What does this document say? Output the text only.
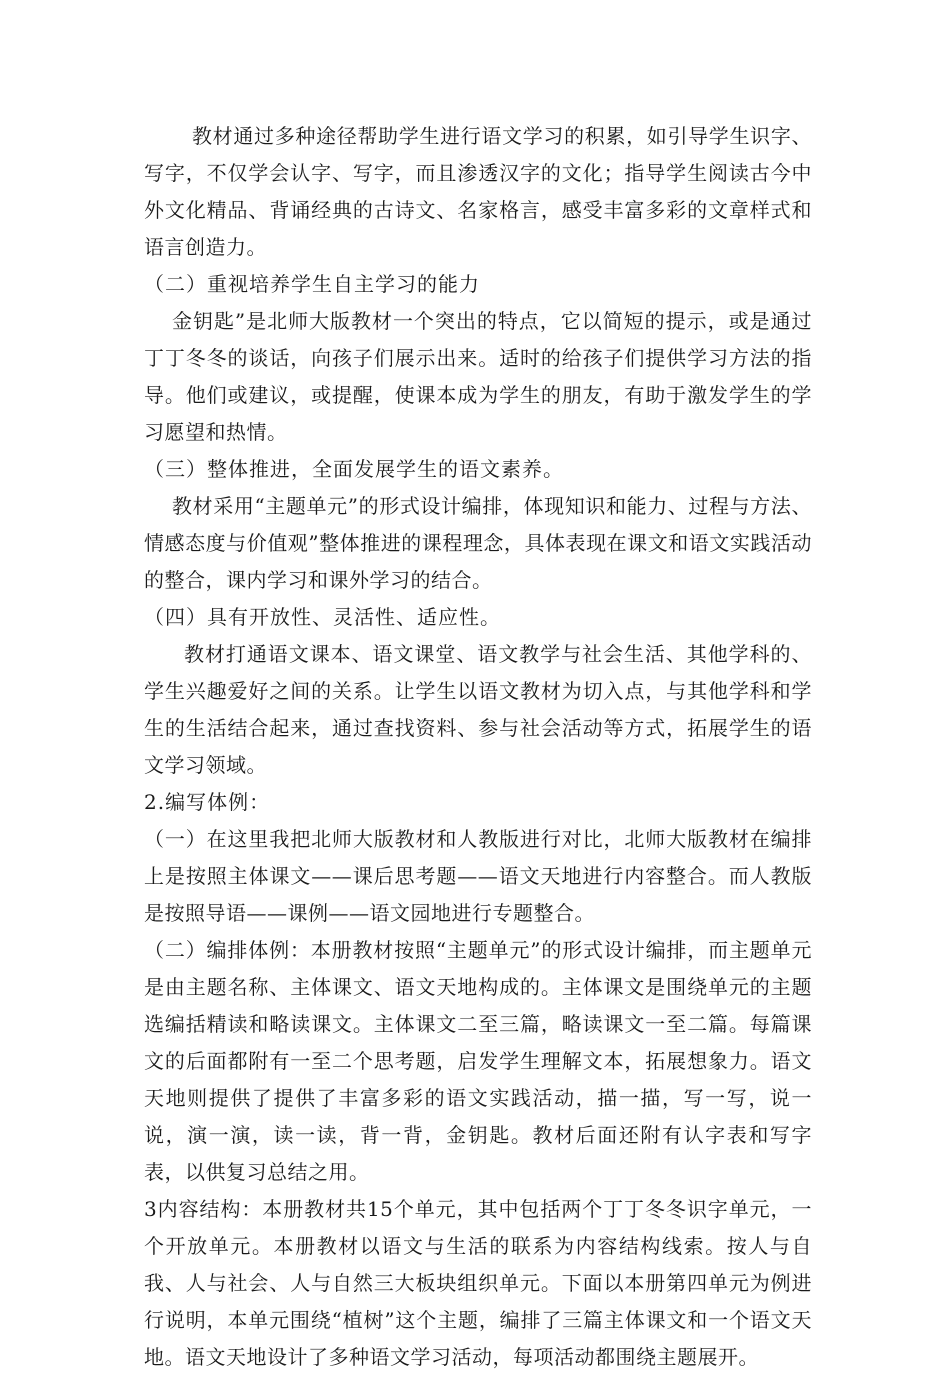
教材通过多种途径帮助学生进行语文学习的积累，如引导学生识字、写字，不仅学会认字、写字，而且渗透汉字的文化；指导学生阅读古今中外文化精品、背诵经典的古诗文、名家格言，感受丰富多彩的文章样式和语言创造力。

（二）重视培养学生自主学习的能力

金钥匙”是北师大版教材一个突出的特点，它以简短的提示，或是通过丁丁冬冬的谈话，向孩子们展示出来。适时的给孩子们提供学习方法的指导。他们或建议，或提醒，使课本成为学生的朋友，有助于激发学生的学习愿望和热情。

（三）整体推进，全面发展学生的语文素养。

教材采用“主题单元”的形式设计编排，体现知识和能力、过程与方法、情感态度与价值观”整体推进的课程理念，具体表现在课文和语文实践活动的整合，课内学习和课外学习的结合。

（四）具有开放性、灵活性、适应性。

教材打通语文课本、语文课堂、语文教学与社会生活、其他学科的、学生兴趣爱好之间的关系。让学生以语文教材为切入点，与其他学科和学生的生活结合起来，通过查找资料、参与社会活动等方式，拓展学生的语文学习领域。

2.编写体例：

（一）在这里我把北师大版教材和人教版进行对比，北师大版教材在编排上是按照主体课文——课后思考题——语文天地进行内容整合。而人教版是按照导语——课例——语文园地进行专题整合。

（二）编排体例：本册教材按照“主题单元”的形式设计编排，而主题单元是由主题名称、主体课文、语文天地构成的。主体课文是围绕单元的主题选编括精读和略读课文。主体课文二至三篇，略读课文一至二篇。每篇课文的后面都附有一至二个思考题，启发学生理解文本，拓展想象力。语文天地则提供了提供了丰富多彩的语文实践活动，描一描，写一写，说一说，演一演，读一读，背一背，金钥匙。教材后面还附有认字表和写字表，以供复习总结之用。

3内容结构：本册教材共15个单元，其中包括两个丁丁冬冬识字单元，一个开放单元。本册教材以语文与生活的联系为内容结构线索。按人与自我、人与社会、人与自然三大板块组织单元。下面以本册第四单元为例进行说明，本单元围绕“植树”这个主题，编排了三篇主体课文和一个语文天地。语文天地设计了多种语文学习活动，每项活动都围绕主题展开。
